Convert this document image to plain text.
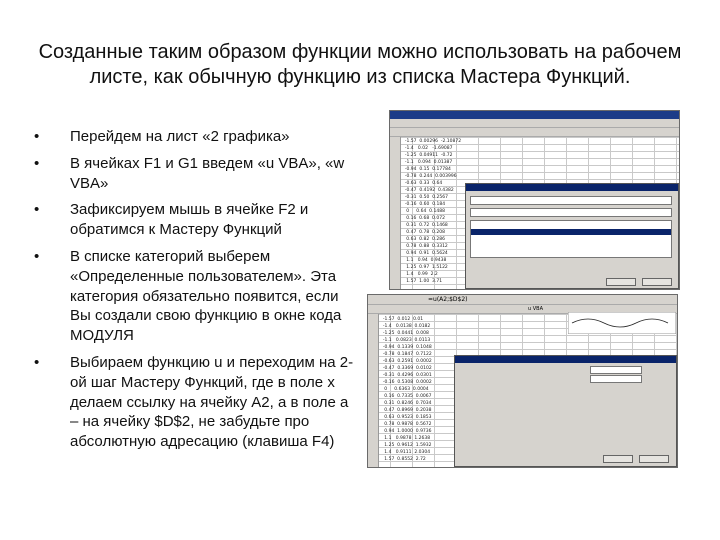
Созданные таким образом функции можно использовать на рабочем листе, как обычную функцию из списка Мастера Функций.
• Перейдем на лист «2 графика»
• В ячейках F1 и G1 введем «u VBA», «w VBA»
• Зафиксируем мышь в ячейке F2 и обратимся к Мастеру Функций
• В списке категорий выберем «Определенные пользователем». Эта категория обязательно появится, если Вы создали свою функцию в окне кода МОДУЛЯ
• Выбираем функцию u и переходим на 2-ой шаг Мастеру Функций, где в поле x делаем ссылку на ячейку A2, а в поле a – на ячейку $D$2, не забудьте про абсолютную адресацию (клавиша F4)
-1.57  0.00296  -2.10872
-1.4   0.02   -1.69087
-1.25  0.04911  -0.72
-1.1   0.094  0.01387
-0.94  0.15  0.17784
-0.78  0.244  0.003996
-0.63  0.33  0.64
-0.47  0.4192  0.4382
-0.31  0.50  0.2567
-0.16  0.60  0.184
0     0.64  0.1488
0.16  0.68  0.072
0.31  0.72  0.1468
0.47  0.78  0.208
0.63  0.82  0.286
0.78  0.88  0.3312
0.94  0.91  0.5624
1.1   0.94  0.9438
1.25  0.97  1.5122
1.4   0.99  2.2
1.57  1.00  3.71
=u(A2;$D$2)
u VBA
-1.57  0.012  0.01
-1.4   0.0138  0.0182
-1.25  0.0441  0.008
-1.1   0.0823  0.0113
-0.94  0.1339  0.1048
-0.78  0.1847  0.7122
-0.63  0.2591  0.0002
-0.47  0.3369  0.0102
-0.31  0.4296  0.0301
-0.16  0.5308  0.0002
0     0.6363  0.0004
0.16  0.7335  0.0067
0.31  0.8246  0.7034
0.47  0.8969  0.2038
0.63  0.9523  0.1853
0.78  0.9878  0.5672
0.94  1.0000  0.9736
1.1   0.9878  1.2638
1.25  0.9612  1.5932
1.4   0.9111  2.0304
1.57  0.8552  2.72
